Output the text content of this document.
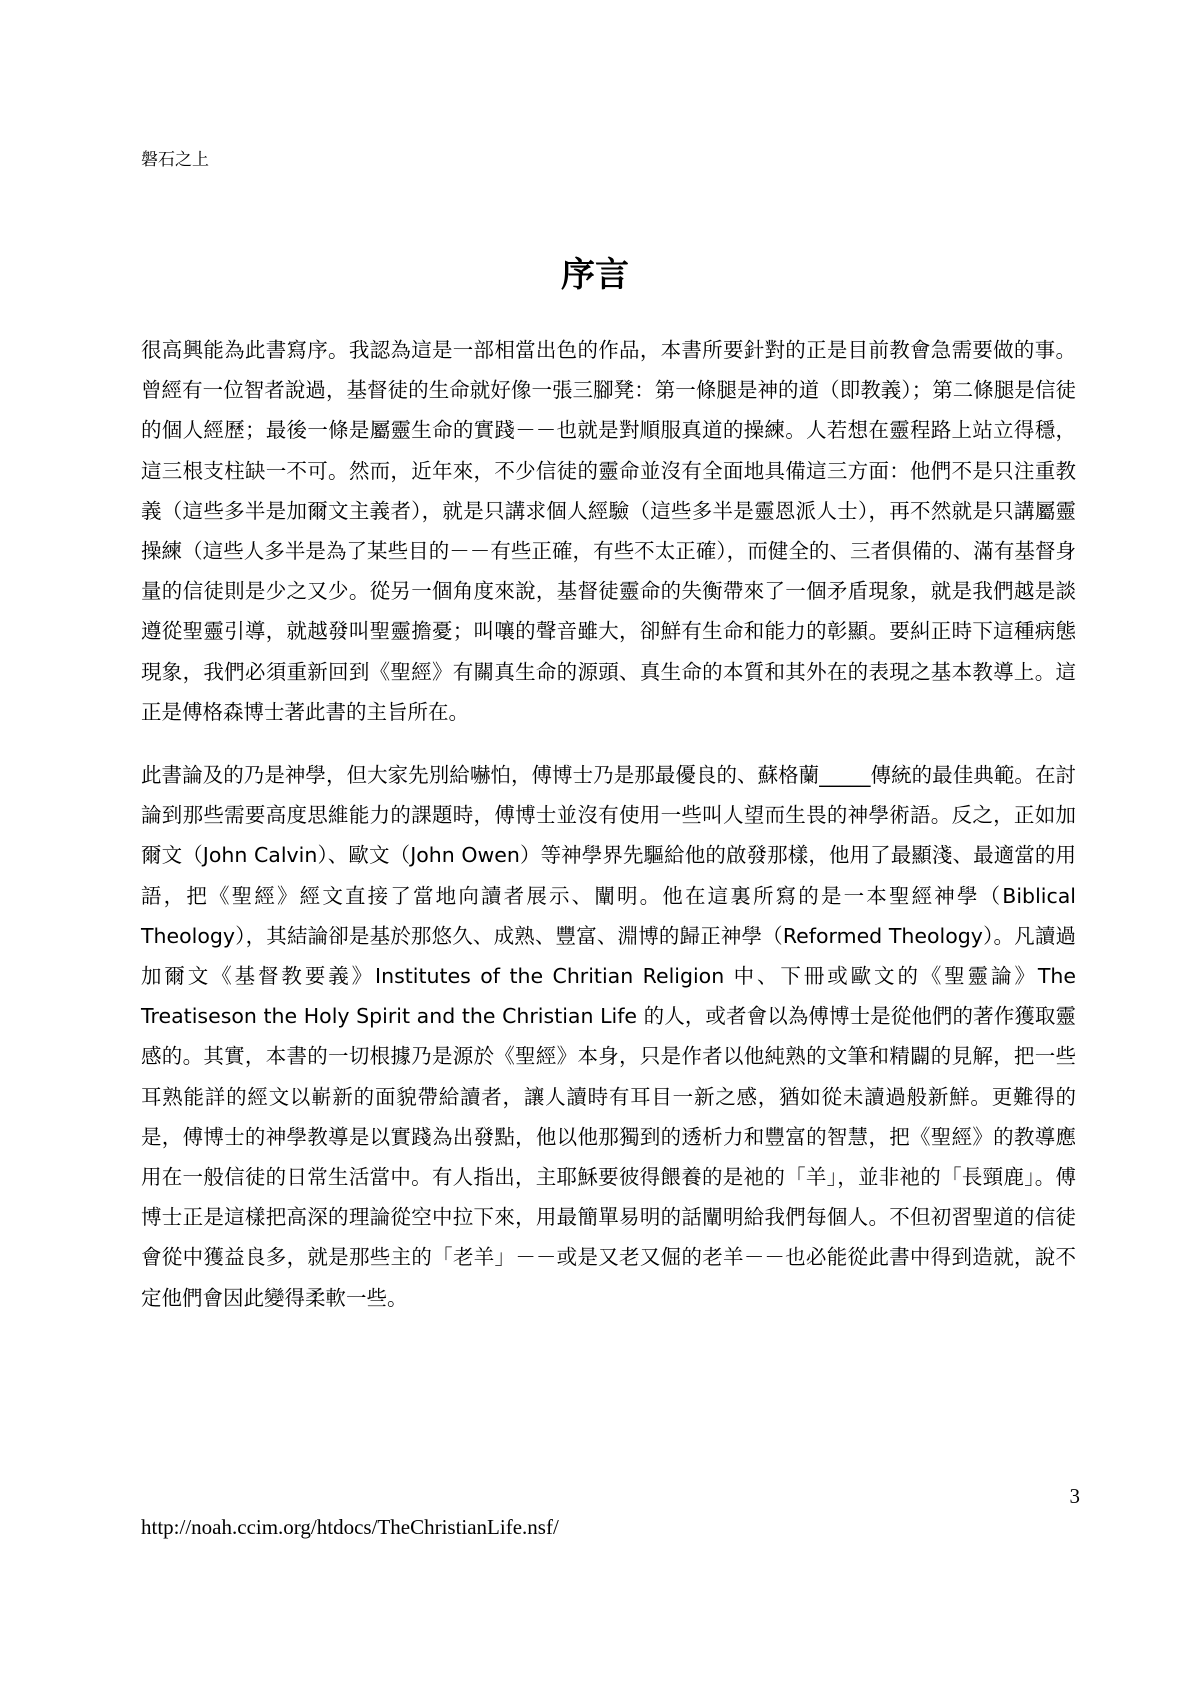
磐石之上
序言

很高興能為此書寫序。我認為這是一部相當出色的作品，本書所要針對的正是目前教會急需要做的事。曾經有一位智者說過，基督徒的生命就好像一張三腳凳：第一條腿是神的道（即教義）；第二條腿是信徒的個人經歷；最後一條是屬靈生命的實踐－－也就是對順服真道的操練。人若想在靈程路上站立得穩，這三根支柱缺一不可。然而，近年來，不少信徒的靈命並沒有全面地具備這三方面：他們不是只注重教義（這些多半是加爾文主義者），就是只講求個人經驗（這些多半是靈恩派人士），再不然就是只講屬靈操練（這些人多半是為了某些目的－－有些正確，有些不太正確），而健全的、三者俱備的、滿有基督身量的信徒則是少之又少。從另一個角度來說，基督徒靈命的失衡帶來了一個矛盾現象，就是我們越是談遵從聖靈引導，就越發叫聖靈擔憂；叫嚷的聲音雖大，卻鮮有生命和能力的彰顯。要糾正時下這種病態現象，我們必須重新回到《聖經》有關真生命的源頭、真生命的本質和其外在的表現之基本教導上。這正是傅格森博士著此書的主旨所在。

此書論及的乃是神學，但大家先別給嚇怕，傅博士乃是那最優良的、蘇格蘭_____傳統的最佳典範。在討論到那些需要高度思維能力的課題時，傅博士並沒有使用一些叫人望而生畏的神學術語。反之，正如加爾文（John Calvin）、歐文（John Owen）等神學界先驅給他的啟發那樣，他用了最顯淺、最適當的用語，把《聖經》經文直接了當地向讀者展示、闡明。他在這裏所寫的是一本聖經神學（Biblical Theology），其結論卻是基於那悠久、成熟、豐富、淵博的歸正神學（Reformed Theology）。凡讀過加爾文《基督教要義》Institutes of the Chritian Religion 中、下冊或歐文的《聖靈論》The Treatiseson the Holy Spirit and the Christian Life 的人，或者會以為傅博士是從他們的著作獲取靈感的。其實，本書的一切根據乃是源於《聖經》本身，只是作者以他純熟的文筆和精闢的見解，把一些耳熟能詳的經文以嶄新的面貌帶給讀者，讓人讀時有耳目一新之感，猶如從未讀過般新鮮。更難得的是，傅博士的神學教導是以實踐為出發點，他以他那獨到的透析力和豐富的智慧，把《聖經》的教導應用在一般信徒的日常生活當中。有人指出，主耶穌要彼得餵養的是祂的「羊」，並非祂的「長頸鹿」。傅博士正是這樣把高深的理論從空中拉下來，用最簡單易明的話闡明給我們每個人。不但初習聖道的信徒會從中獲益良多，就是那些主的「老羊」－－或是又老又倔的老羊－－也必能從此書中得到造就，說不定他們會因此變得柔軟一些。

3
http://noah.ccim.org/htdocs/TheChristianLife.nsf/
